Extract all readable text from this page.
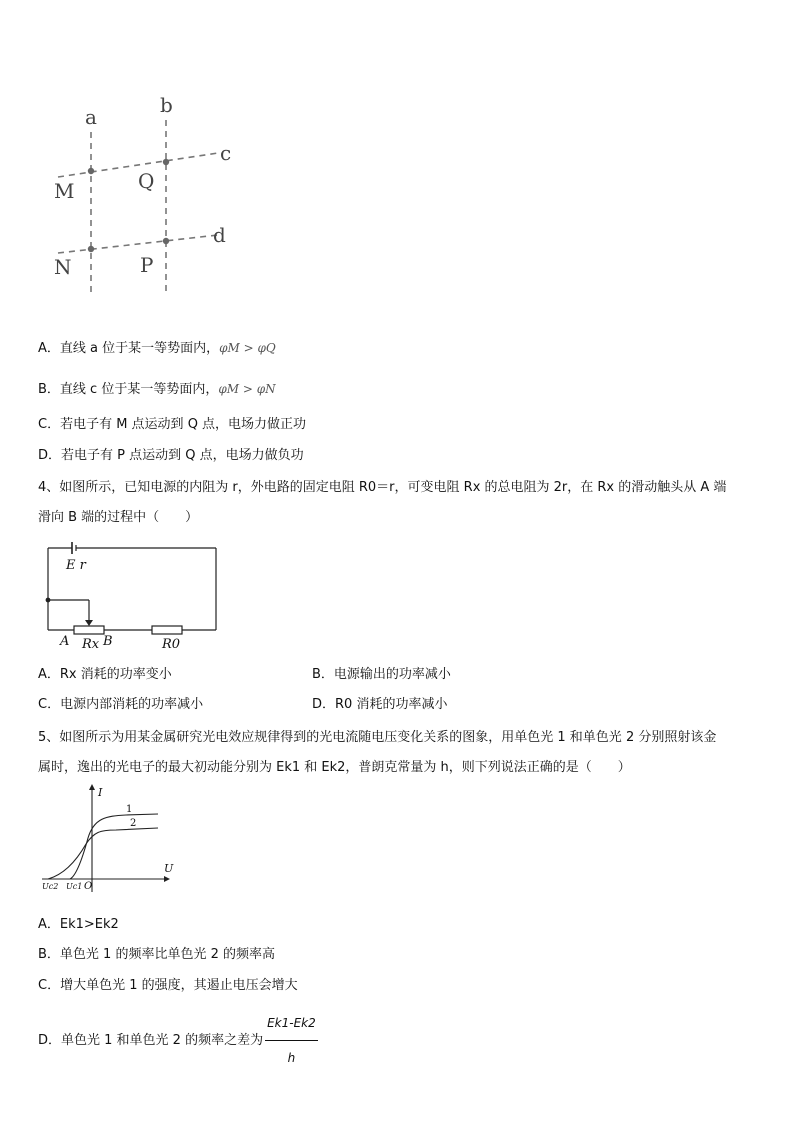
a	b
c
d
M	Q
N	P
A．直线 a 位于某一等势面内，φM > φQ
B．直线 c 位于某一等势面内，φM > φN
C．若电子有 M 点运动到 Q 点，电场力做正功
D．若电子有 P 点运动到 Q 点，电场力做负功
4、如图所示，已知电源的内阻为 r，外电路的固定电阻 R0＝r，可变电阻 Rx 的总电阻为 2r，在 Rx 的滑动触头从 A 端
滑向 B 端的过程中（　　）
E r
A	B
Rx	R0
A．Rx 消耗的功率变小	B．电源输出的功率减小
C．电源内部消耗的功率减小	D．R0 消耗的功率减小
5、如图所示为用某金属研究光电效应规律得到的光电流随电压变化关系的图象，用单色光 1 和单色光 2 分别照射该金
属时，逸出的光电子的最大初动能分别为 Ek1 和 Ek2，普朗克常量为 h，则下列说法正确的是（　　）
I
U
O
Uc2 Uc1
1
2
A．Ek1>Ek2
B．单色光 1 的频率比单色光 2 的频率高
C．增大单色光 1 的强度，其遏止电压会增大
D．单色光 1 和单色光 2 的频率之差为 $\frac{Ek1-Ek2}{h}$
